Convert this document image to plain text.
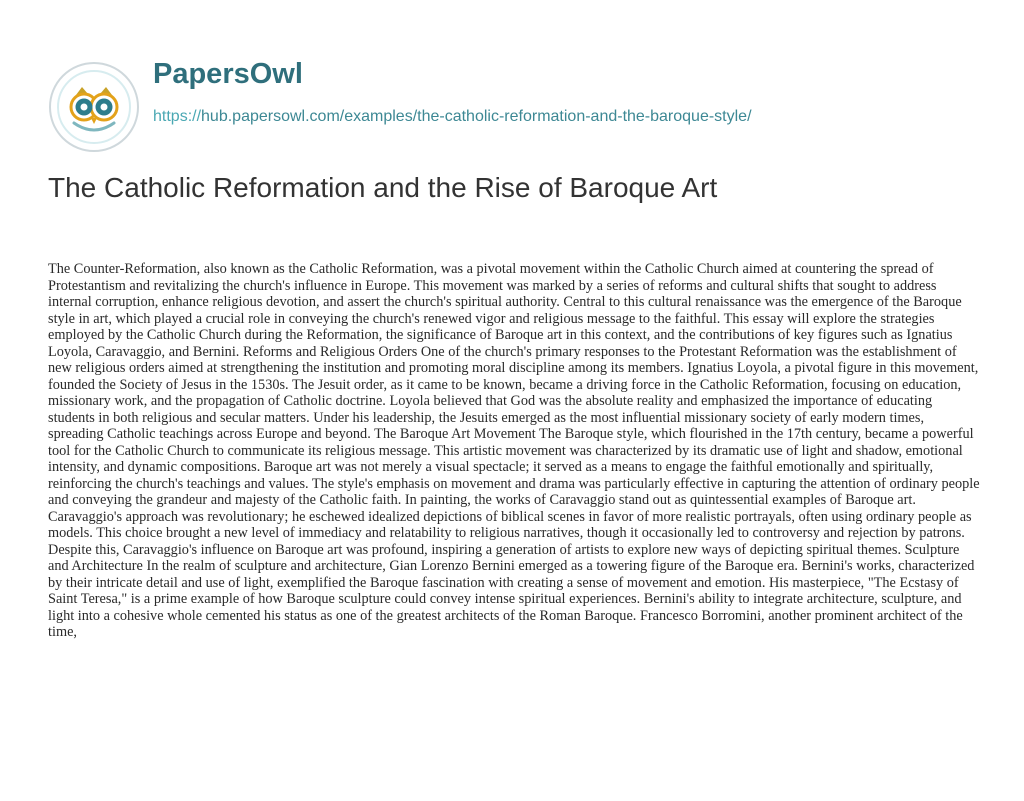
PapersOwl
https://hub.papersowl.com/examples/the-catholic-reformation-and-the-baroque-style/
The Catholic Reformation and the Rise of Baroque Art

The Counter-Reformation, also known as the Catholic Reformation, was a pivotal movement within the Catholic Church aimed at countering the spread of Protestantism and revitalizing the church's influence in Europe. This movement was marked by a series of reforms and cultural shifts that sought to address internal corruption, enhance religious devotion, and assert the church's spiritual authority. Central to this cultural renaissance was the emergence of the Baroque style in art, which played a crucial role in conveying the church's renewed vigor and religious message to the faithful. This essay will explore the strategies employed by the Catholic Church during the Reformation, the significance of Baroque art in this context, and the contributions of key figures such as Ignatius Loyola, Caravaggio, and Bernini. Reforms and Religious Orders One of the church's primary responses to the Protestant Reformation was the establishment of new religious orders aimed at strengthening the institution and promoting moral discipline among its members. Ignatius Loyola, a pivotal figure in this movement, founded the Society of Jesus in the 1530s. The Jesuit order, as it came to be known, became a driving force in the Catholic Reformation, focusing on education, missionary work, and the propagation of Catholic doctrine. Loyola believed that God was the absolute reality and emphasized the importance of educating students in both religious and secular matters. Under his leadership, the Jesuits emerged as the most influential missionary society of early modern times, spreading Catholic teachings across Europe and beyond. The Baroque Art Movement The Baroque style, which flourished in the 17th century, became a powerful tool for the Catholic Church to communicate its religious message. This artistic movement was characterized by its dramatic use of light and shadow, emotional intensity, and dynamic compositions. Baroque art was not merely a visual spectacle; it served as a means to engage the faithful emotionally and spiritually, reinforcing the church's teachings and values. The style's emphasis on movement and drama was particularly effective in capturing the attention of ordinary people and conveying the grandeur and majesty of the Catholic faith. In painting, the works of Caravaggio stand out as quintessential examples of Baroque art. Caravaggio's approach was revolutionary; he eschewed idealized depictions of biblical scenes in favor of more realistic portrayals, often using ordinary people as models. This choice brought a new level of immediacy and relatability to religious narratives, though it occasionally led to controversy and rejection by patrons. Despite this, Caravaggio's influence on Baroque art was profound, inspiring a generation of artists to explore new ways of depicting spiritual themes. Sculpture and Architecture In the realm of sculpture and architecture, Gian Lorenzo Bernini emerged as a towering figure of the Baroque era. Bernini's works, characterized by their intricate detail and use of light, exemplified the Baroque fascination with creating a sense of movement and emotion. His masterpiece, "The Ecstasy of Saint Teresa," is a prime example of how Baroque sculpture could convey intense spiritual experiences. Bernini's ability to integrate architecture, sculpture, and light into a cohesive whole cemented his status as one of the greatest architects of the Roman Baroque. Francesco Borromini, another prominent architect of the time,
